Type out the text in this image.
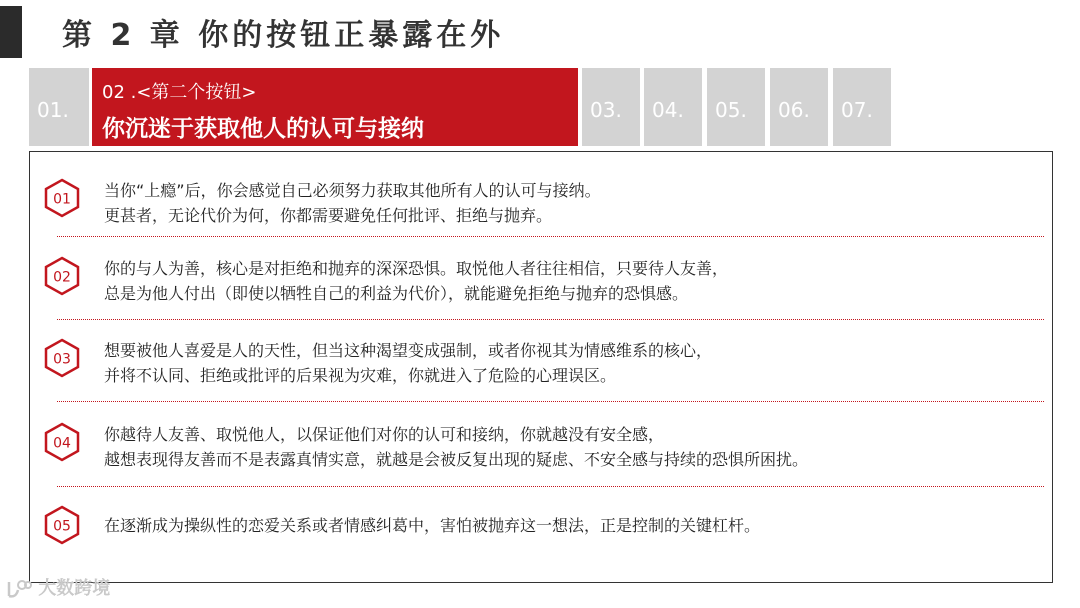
第 2 章 你的按钮正暴露在外
01.
02 .<第二个按钮>
你沉迷于获取他人的认可与接纳
03. 04. 05. 06. 07.
01 当你“上瘾”后，你会感觉自己必须努力获取其他所有人的认可与接纳。
更甚者，无论代价为何，你都需要避免任何批评、拒绝与抛弃。
02 你的与人为善，核心是对拒绝和抛弃的深深恐惧。取悦他人者往往相信，只要待人友善，
总是为他人付出（即使以牺牲自己的利益为代价），就能避免拒绝与抛弃的恐惧感。
03 想要被他人喜爱是人的天性，但当这种渴望变成强制，或者你视其为情感维系的核心，
并将不认同、拒绝或批评的后果视为灾难，你就进入了危险的心理误区。
04 你越待人友善、取悦他人，以保证他们对你的认可和接纳，你就越没有安全感，
越想表现得友善而不是表露真情实意，就越是会被反复出现的疑虑、不安全感与持续的恐惧所困扰。
05 在逐渐成为操纵性的恋爱关系或者情感纠葛中，害怕被抛弃这一想法，正是控制的关键杠杆。
大数跨境
